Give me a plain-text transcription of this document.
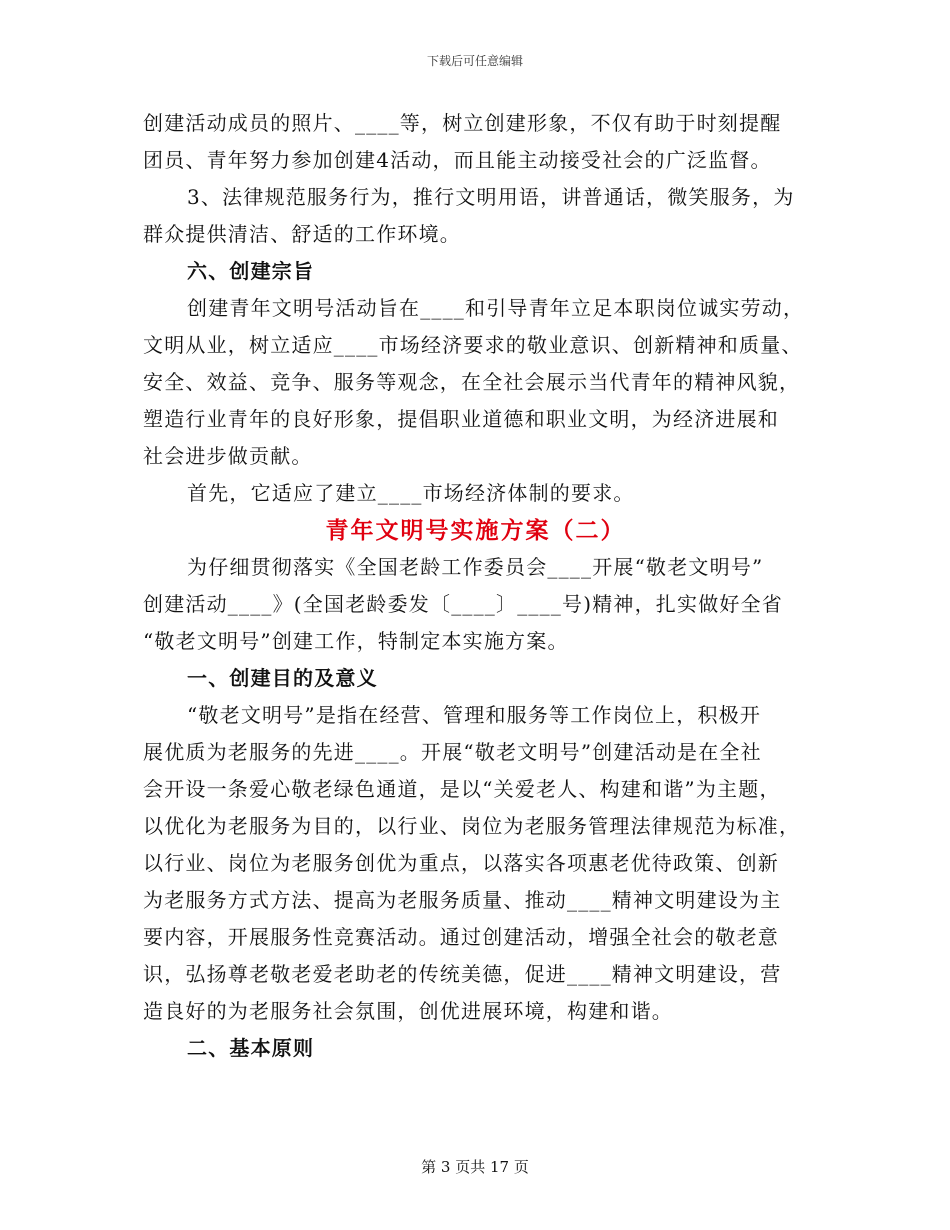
下载后可任意编辑
创建活动成员的照片、____等，树立创建形象，不仅有助于时刻提醒
团员、青年努力参加创建4活动，而且能主动接受社会的广泛监督。
3、法律规范服务行为，推行文明用语，讲普通话，微笑服务，为
群众提供清洁、舒适的工作环境。
六、创建宗旨
创建青年文明号活动旨在____和引导青年立足本职岗位诚实劳动，
文明从业，树立适应____市场经济要求的敬业意识、创新精神和质量、
安全、效益、竞争、服务等观念，在全社会展示当代青年的精神风貌，
塑造行业青年的良好形象，提倡职业道德和职业文明，为经济进展和
社会进步做贡献。
首先，它适应了建立____市场经济体制的要求。
青年文明号实施方案（二）
为仔细贯彻落实《全国老龄工作委员会____开展“敬老文明号”
创建活动____》(全国老龄委发〔____〕____号)精神，扎实做好全省
“敬老文明号”创建工作，特制定本实施方案。
一、创建目的及意义
“敬老文明号”是指在经营、管理和服务等工作岗位上，积极开
展优质为老服务的先进____。开展“敬老文明号”创建活动是在全社
会开设一条爱心敬老绿色通道，是以“关爱老人、构建和谐”为主题，
以优化为老服务为目的，以行业、岗位为老服务管理法律规范为标准，
以行业、岗位为老服务创优为重点，以落实各项惠老优待政策、创新
为老服务方式方法、提高为老服务质量、推动____精神文明建设为主
要内容，开展服务性竞赛活动。通过创建活动，增强全社会的敬老意
识，弘扬尊老敬老爱老助老的传统美德，促进____精神文明建设，营
造良好的为老服务社会氛围，创优进展环境，构建和谐。
二、基本原则
第 3 页共 17 页
